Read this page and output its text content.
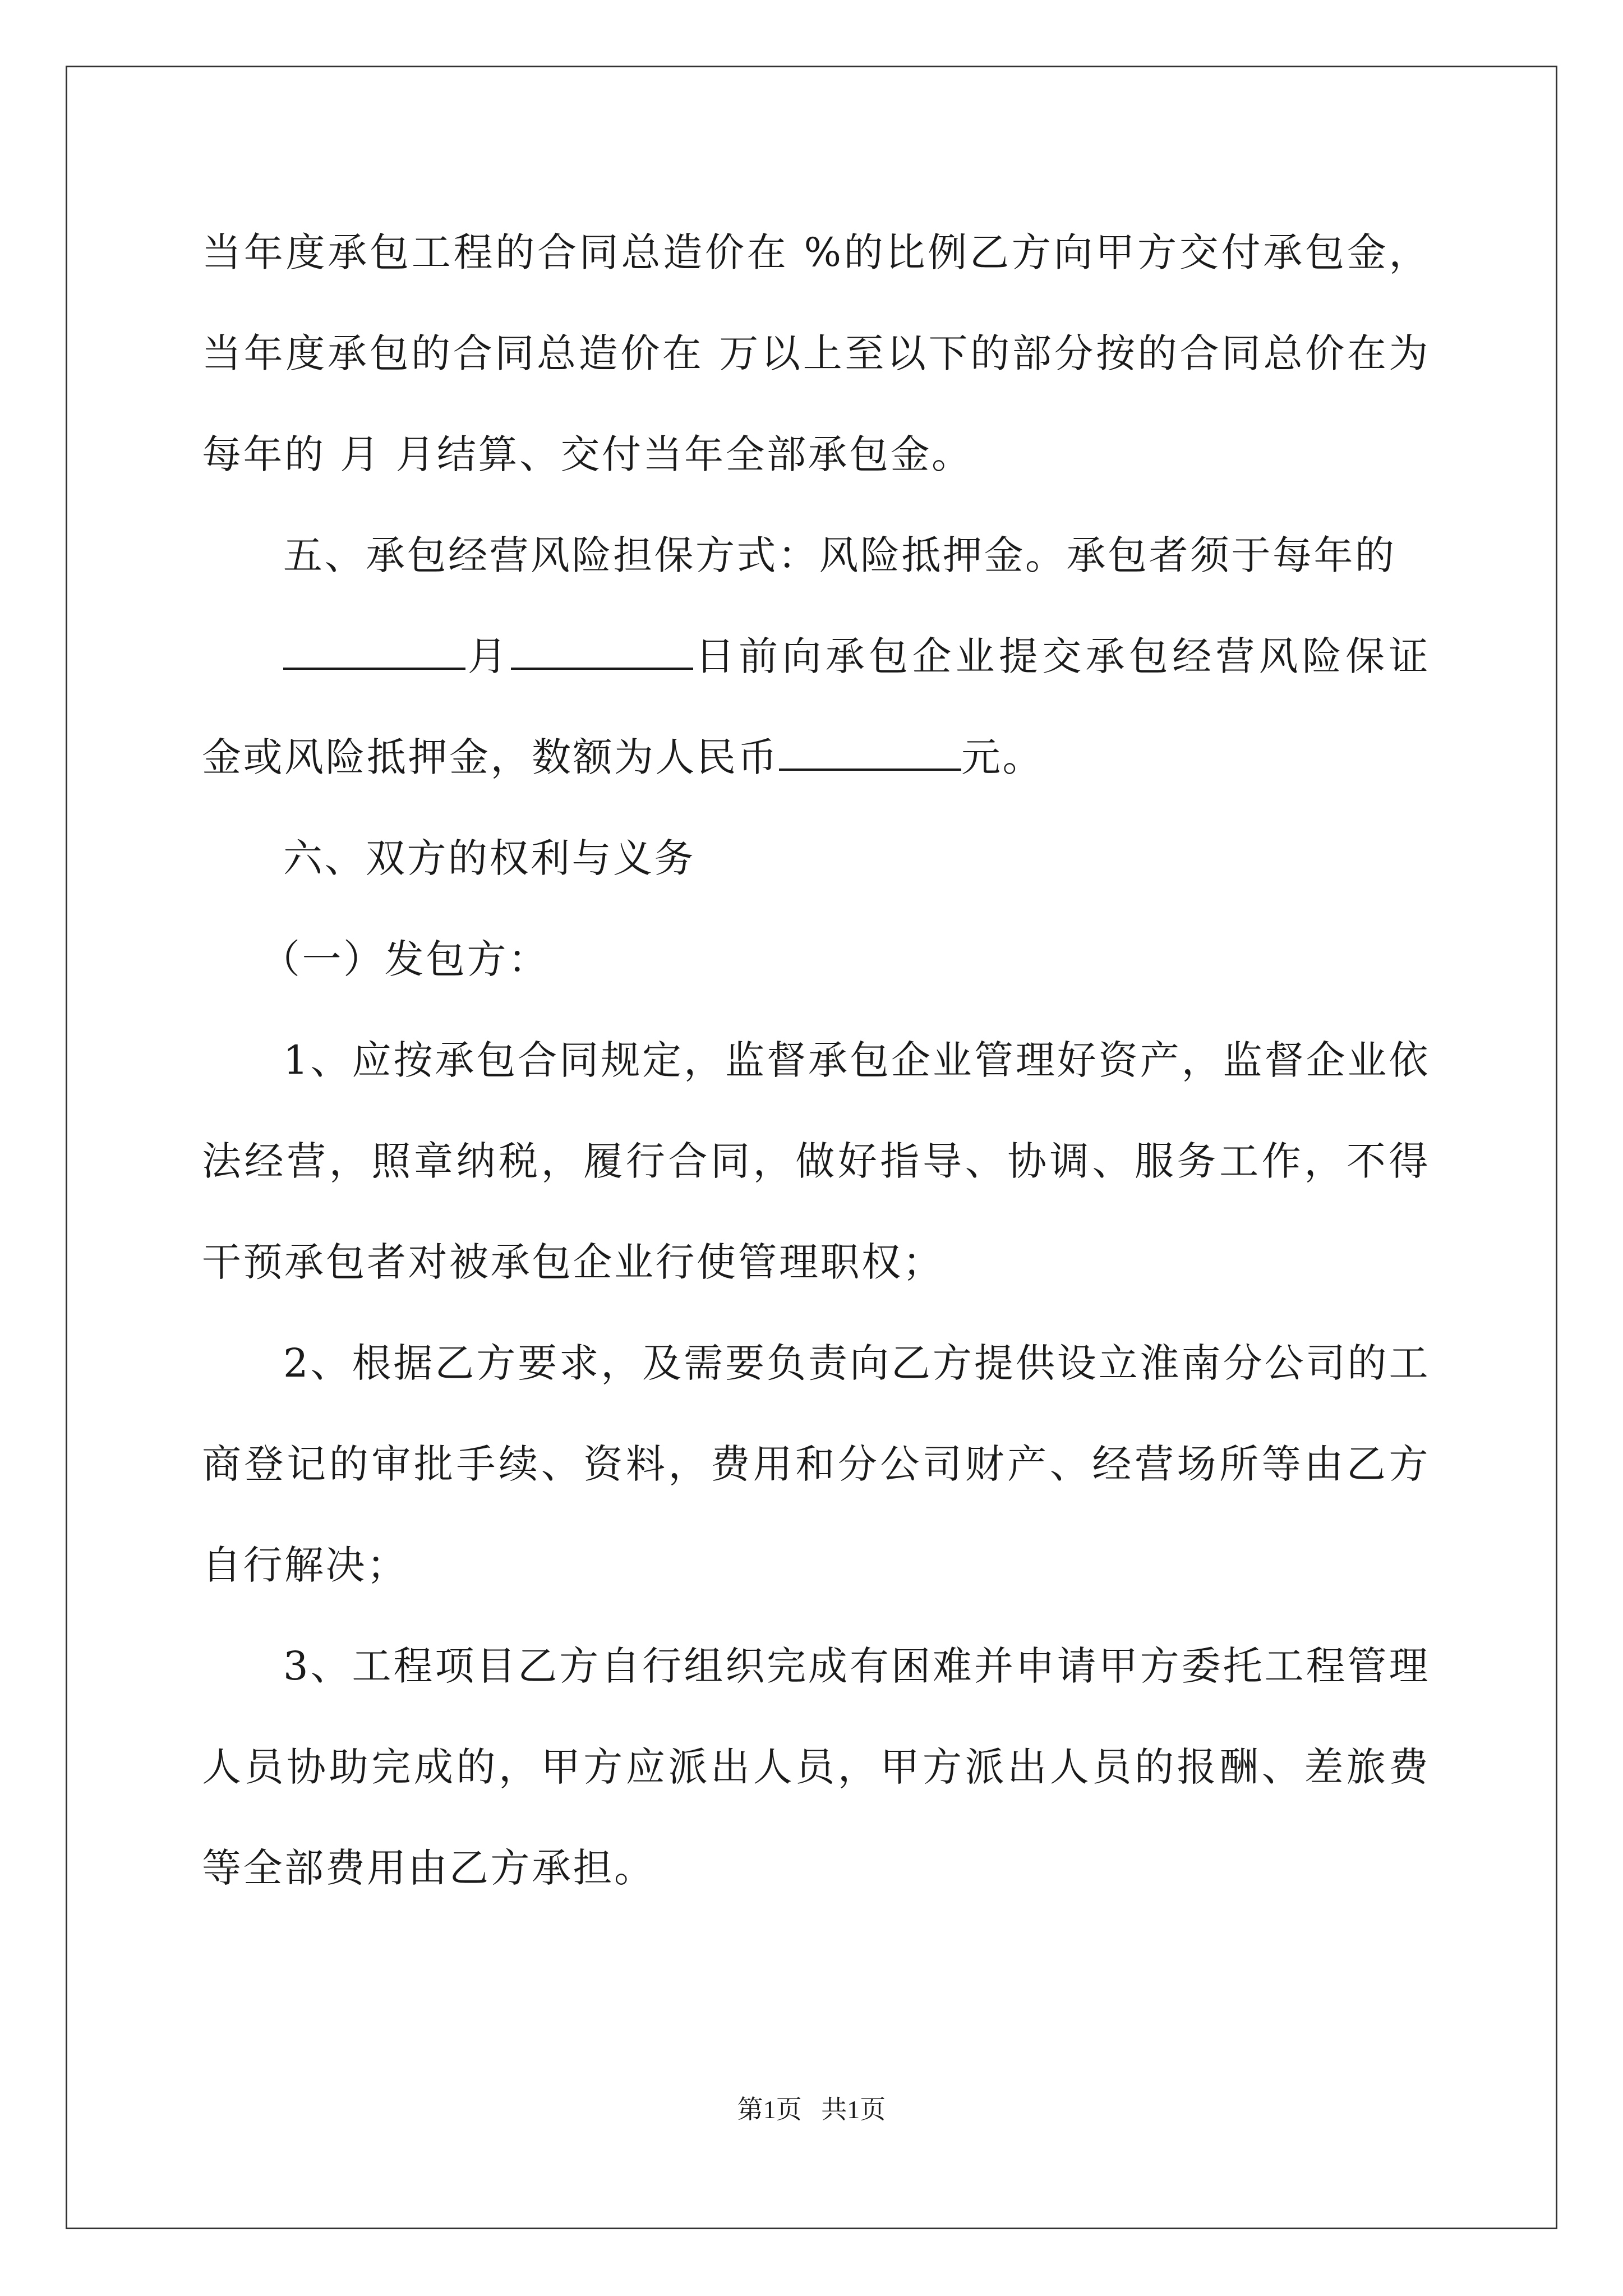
当年度承包工程的合同总造价在 %的比例乙方向甲方交付承包金，当年度承包的合同总造价在 万以上至以下的部分按的合同总价在为每年的 月 月结算、交付当年全部承包金。

五、承包经营风险担保方式：风险抵押金。承包者须于每年的

月	日前向承包企业提交承包经营风险保证金或风险抵押金，数额为人民币	元。

六、双方的权利与义务

（一）发包方：

1、应按承包合同规定，监督承包企业管理好资产，监督企业依法经营，照章纳税，履行合同，做好指导、协调、服务工作，不得干预承包者对被承包企业行使管理职权；

2、根据乙方要求，及需要负责向乙方提供设立淮南分公司的工商登记的审批手续、资料，费用和分公司财产、经营场所等由乙方自行解决；

3、工程项目乙方自行组织完成有困难并申请甲方委托工程管理人员协助完成的，甲方应派出人员，甲方派出人员的报酬、差旅费等全部费用由乙方承担。

第1页 共1页
